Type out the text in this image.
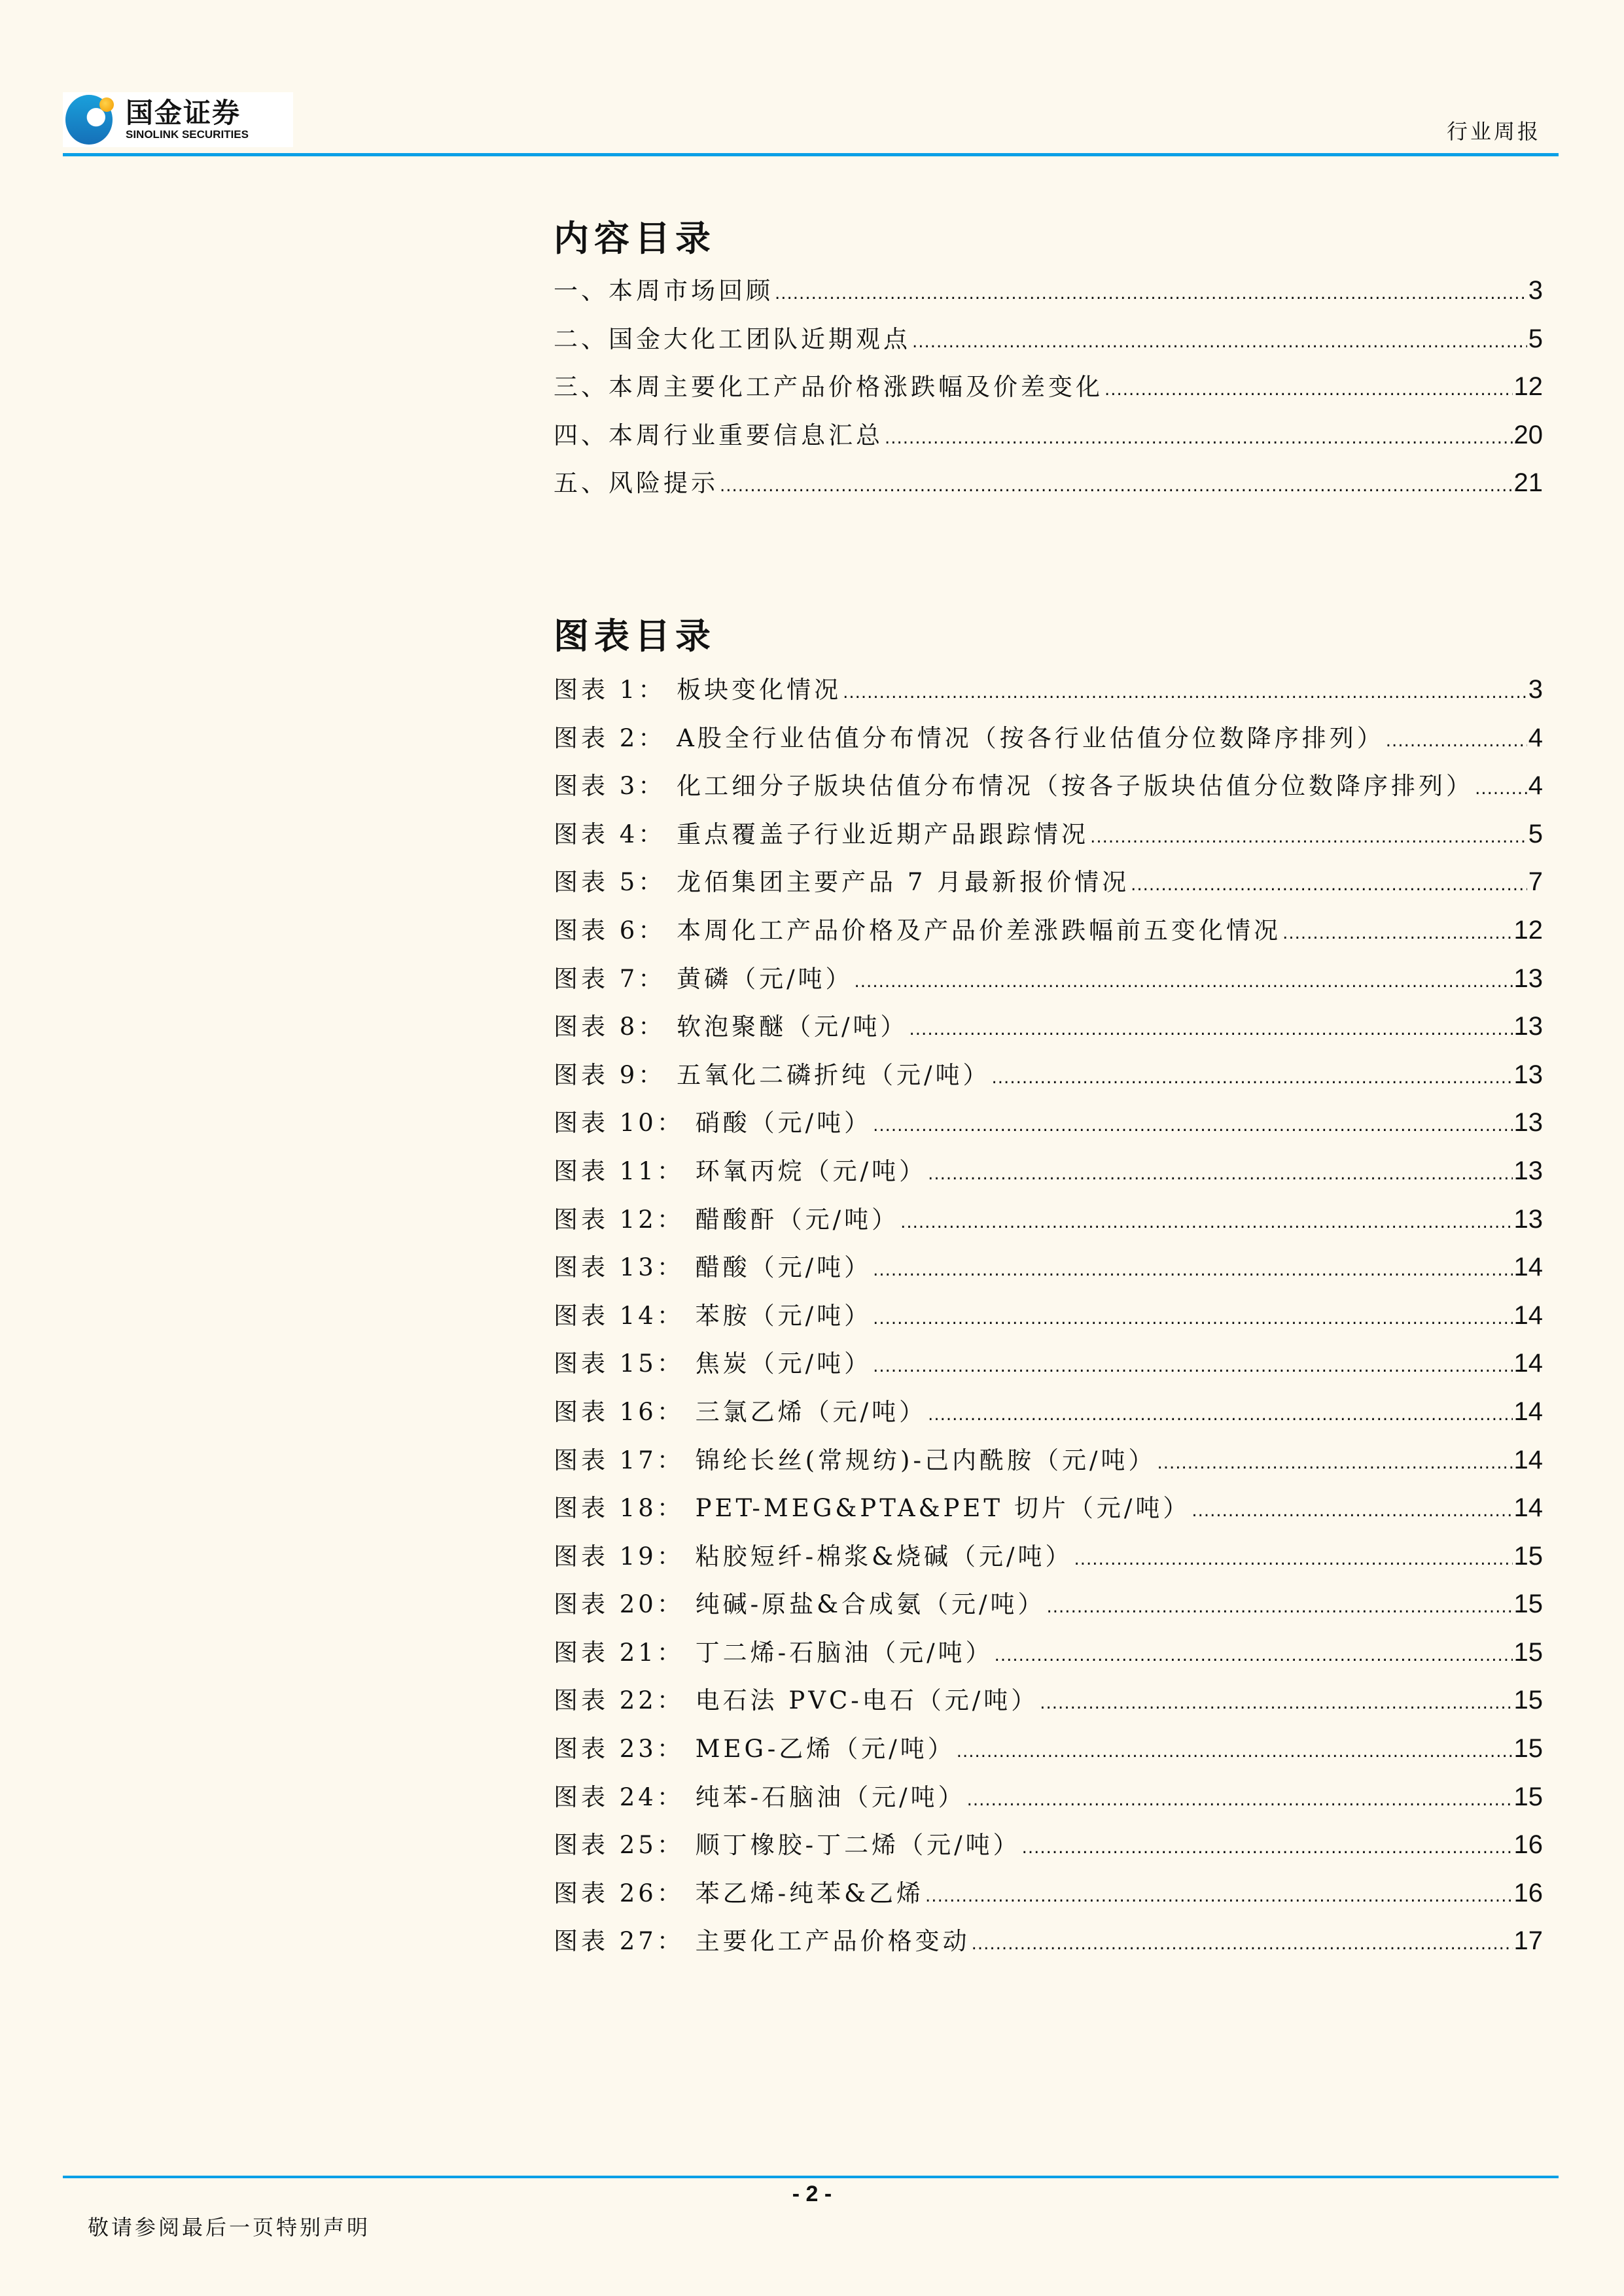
国金证券
SINOLINK SECURITIES	行业周报
内容目录
一、本周市场回顾 .....	3
二、国金大化工团队近期观点 .....	5
三、本周主要化工产品价格涨跌幅及价差变化 .....	12
四、本周行业重要信息汇总 .....	20
五、风险提示 .....	21
图表目录
图表 1： 板块变化情况 .....	3
图表 2： A股全行业估值分布情况（按各行业估值分位数降序排列） .....	4
图表 3： 化工细分子版块估值分布情况（按各子版块估值分位数降序排列） ..... 4
图表 4： 重点覆盖子行业近期产品跟踪情况 .....	5
图表 5： 龙佰集团主要产品 7 月最新报价情况 .....	7
图表 6： 本周化工产品价格及产品价差涨跌幅前五变化情况 .....	12
图表 7： 黄磷（元/吨） .....	13
图表 8： 软泡聚醚（元/吨） .....	13
图表 9： 五氧化二磷折纯（元/吨） .....	13
图表 10： 硝酸（元/吨） .....	13
图表 11： 环氧丙烷（元/吨） .....	13
图表 12： 醋酸酐（元/吨） .....	13
图表 13： 醋酸（元/吨） .....	14
图表 14： 苯胺（元/吨） .....	14
图表 15： 焦炭（元/吨） .....	14
图表 16： 三氯乙烯（元/吨） .....	14
图表 17： 锦纶长丝(常规纺)-己内酰胺（元/吨） .....	14
图表 18： PET-MEG&PTA&PET 切片（元/吨） .....	14
图表 19： 粘胶短纤-棉浆&烧碱（元/吨） .....	15
图表 20： 纯碱-原盐&合成氨（元/吨） .....	15
图表 21： 丁二烯-石脑油（元/吨） .....	15
图表 22： 电石法 PVC-电石（元/吨） .....	15
图表 23： MEG-乙烯（元/吨） .....	15
图表 24： 纯苯-石脑油（元/吨） .....	15
图表 25： 顺丁橡胶-丁二烯（元/吨） .....	16
图表 26： 苯乙烯-纯苯&乙烯 .....	16
图表 27： 主要化工产品价格变动 .....	17
- 2 -
敬请参阅最后一页特别声明
